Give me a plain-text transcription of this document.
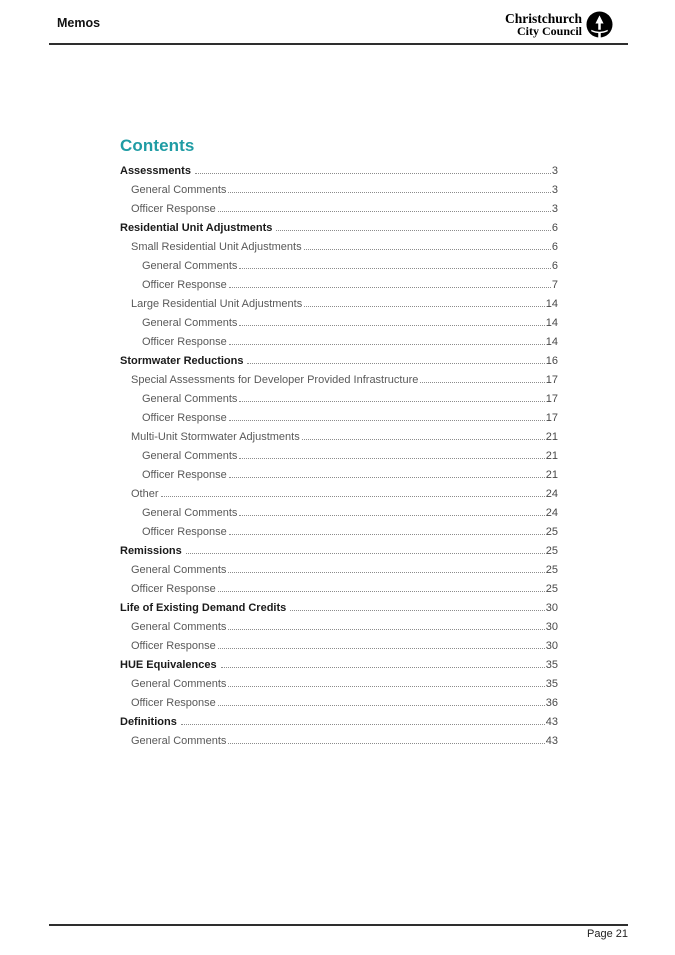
Memos	Christchurch
City Council
Contents
Assessments	3
General Comments	3
Officer Response	3
Residential Unit Adjustments	6
Small Residential Unit Adjustments	6
General Comments	6
Officer Response	7
Large Residential Unit Adjustments	14
General Comments	14
Officer Response	14
Stormwater Reductions	16
Special Assessments for Developer Provided Infrastructure	17
General Comments	17
Officer Response	17
Multi-Unit Stormwater Adjustments	21
General Comments	21
Officer Response	21
Other	24
General Comments	24
Officer Response	25
Remissions	25
General Comments	25
Officer Response	25
Life of Existing Demand Credits	30
General Comments	30
Officer Response	30
HUE Equivalences	35
General Comments	35
Officer Response	36
Definitions	43
General Comments	43
Page 21
